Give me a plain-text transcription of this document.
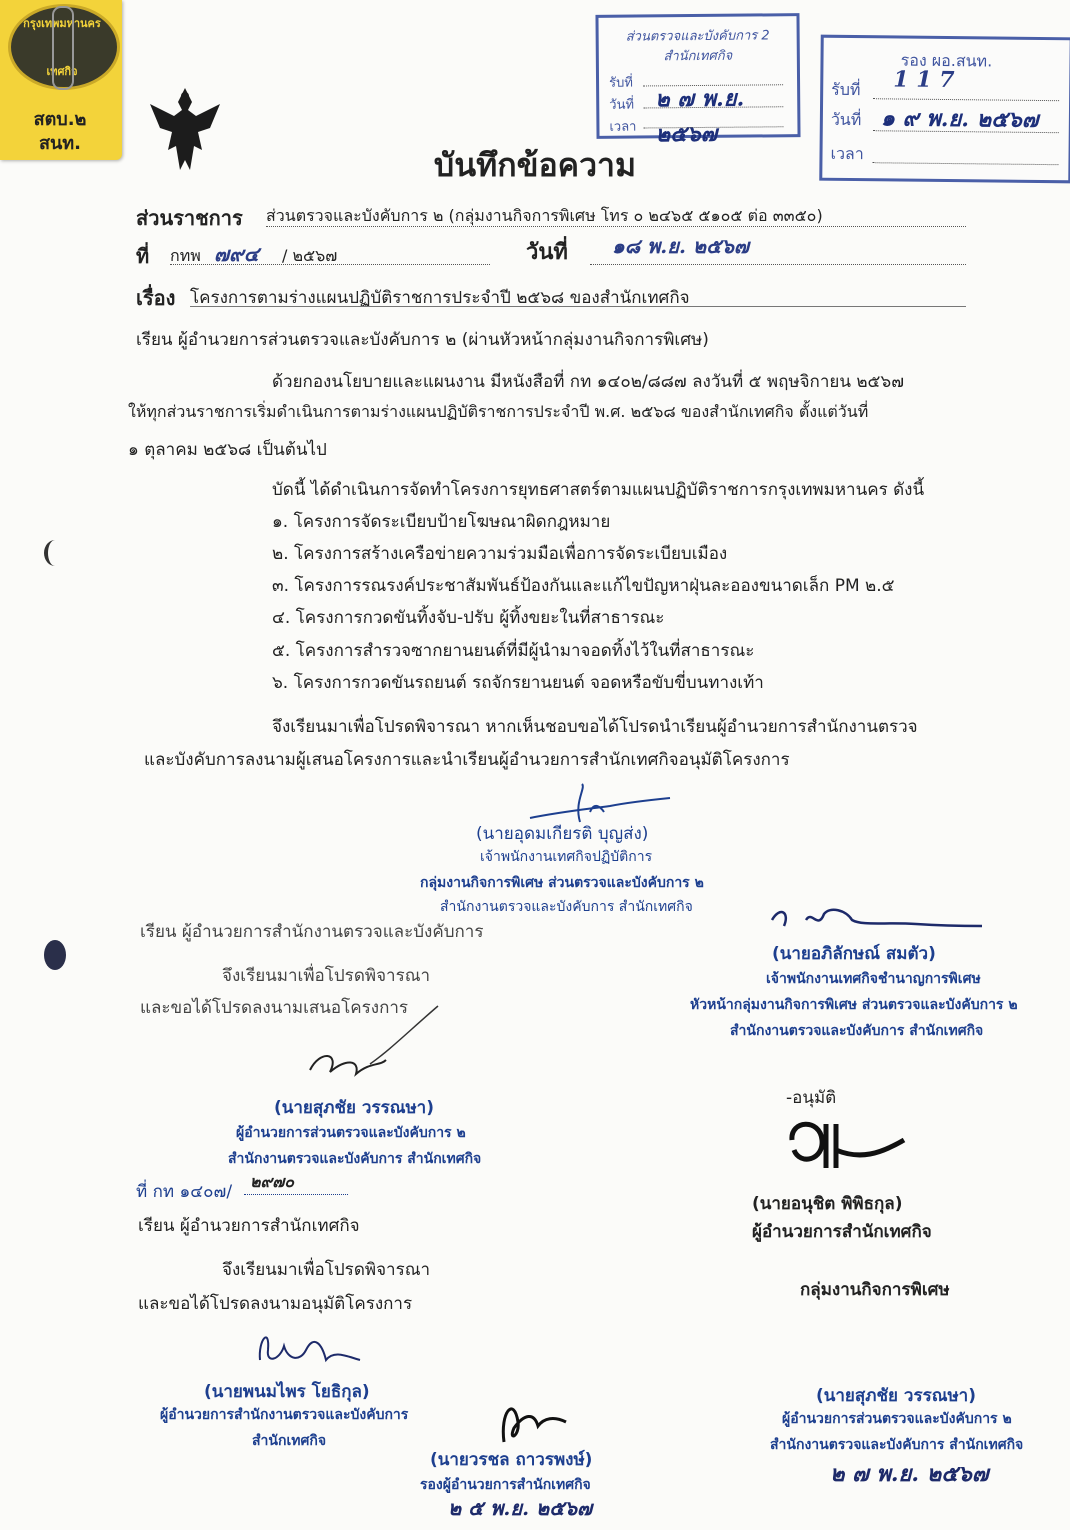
กรุงเทพมหานคร
เทศกิจ
สตบ.๒
สนท.
ส่วนตรวจและบังคับการ 2
สำนักเทศกิจ
รับที่
วันที่ ๒ ๗ พ.ย. ๒๕๖๗
เวลา
รอง ผอ.สนท.
รับที่ 1 1 7
วันที่ ๑ ๙ พ.ย. ๒๕๖๗
เวลา
บันทึกข้อความ
ส่วนราชการ ส่วนตรวจและบังคับการ ๒ (กลุ่มงานกิจการพิเศษ โทร ๐ ๒๔๖๕ ๕๑๐๕ ต่อ ๓๓๕๐)
ที่ กทพ ๗๙๔ / ๒๕๖๗	วันที่ ๑๘ พ.ย. ๒๕๖๗
เรื่อง โครงการตามร่างแผนปฏิบัติราชการประจำปี ๒๕๖๘ ของสำนักเทศกิจ
เรียน ผู้อำนวยการส่วนตรวจและบังคับการ ๒ (ผ่านหัวหน้ากลุ่มงานกิจการพิเศษ)
ด้วยกองนโยบายและแผนงาน มีหนังสือที่ กท ๑๔๐๒/๘๘๗ ลงวันที่ ๕ พฤษจิกายน ๒๕๖๗
ให้ทุกส่วนราชการเริ่มดำเนินการตามร่างแผนปฏิบัติราชการประจำปี พ.ศ. ๒๕๖๘ ของสำนักเทศกิจ ตั้งแต่วันที่
๑ ตุลาคม ๒๕๖๘ เป็นต้นไป
บัดนี้ ได้ดำเนินการจัดทำโครงการยุทธศาสตร์ตามแผนปฏิบัติราชการกรุงเทพมหานคร ดังนี้
๑. โครงการจัดระเบียบป้ายโฆษณาผิดกฎหมาย
๒. โครงการสร้างเครือข่ายความร่วมมือเพื่อการจัดระเบียบเมือง
๓. โครงการรณรงค์ประชาสัมพันธ์ป้องกันและแก้ไขปัญหาฝุ่นละอองขนาดเล็ก PM ๒.๕
๔. โครงการกวดขันทิ้งจับ-ปรับ ผู้ทิ้งขยะในที่สาธารณะ
๕. โครงการสำรวจซากยานยนต์ที่มีผู้นำมาจอดทิ้งไว้ในที่สาธารณะ
๖. โครงการกวดขันรถยนต์ รถจักรยานยนต์ จอดหรือขับขี่บนทางเท้า
จึงเรียนมาเพื่อโปรดพิจารณา หากเห็นชอบขอได้โปรดนำเรียนผู้อำนวยการสำนักงานตรวจ
และบังคับการลงนามผู้เสนอโครงการและนำเรียนผู้อำนวยการสำนักเทศกิจอนุมัติโครงการ
(นายอุดมเกียรติ บุญส่ง)
เจ้าพนักงานเทศกิจปฏิบัติการ
กลุ่มงานกิจการพิเศษ ส่วนตรวจและบังคับการ ๒
สำนักงานตรวจและบังคับการ สำนักเทศกิจ
เรียน ผู้อำนวยการสำนักงานตรวจและบังคับการ
จึงเรียนมาเพื่อโปรดพิจารณา
และขอได้โปรดลงนามเสนอโครงการ
(นายอภิลักษณ์ สมตัว)
เจ้าพนักงานเทศกิจชำนาญการพิเศษ
หัวหน้ากลุ่มงานกิจการพิเศษ ส่วนตรวจและบังคับการ ๒
สำนักงานตรวจและบังคับการ สำนักเทศกิจ
(นายสุภชัย วรรณษา)
ผู้อำนวยการส่วนตรวจและบังคับการ ๒
สำนักงานตรวจและบังคับการ สำนักเทศกิจ
-อนุมัติ
(นายอนุชิต พิพิธกุล)
ผู้อำนวยการสำนักเทศกิจ
กลุ่มงานกิจการพิเศษ
ที่ กท ๑๔๐๗/
๒๙๗๐
เรียน ผู้อำนวยการสำนักเทศกิจ
จึงเรียนมาเพื่อโปรดพิจารณา
และขอได้โปรดลงนามอนุมัติโครงการ
(นายพนมไพร โยธิกุล)
ผู้อำนวยการสำนักงานตรวจและบังคับการ
สำนักเทศกิจ
(นายวรชล ถาวรพงษ์)
รองผู้อำนวยการสำนักเทศกิจ
๒ ๕ พ.ย. ๒๕๖๗
(นายสุภชัย วรรณษา)
ผู้อำนวยการส่วนตรวจและบังคับการ ๒
สำนักงานตรวจและบังคับการ สำนักเทศกิจ
๒ ๗ พ.ย. ๒๕๖๗
